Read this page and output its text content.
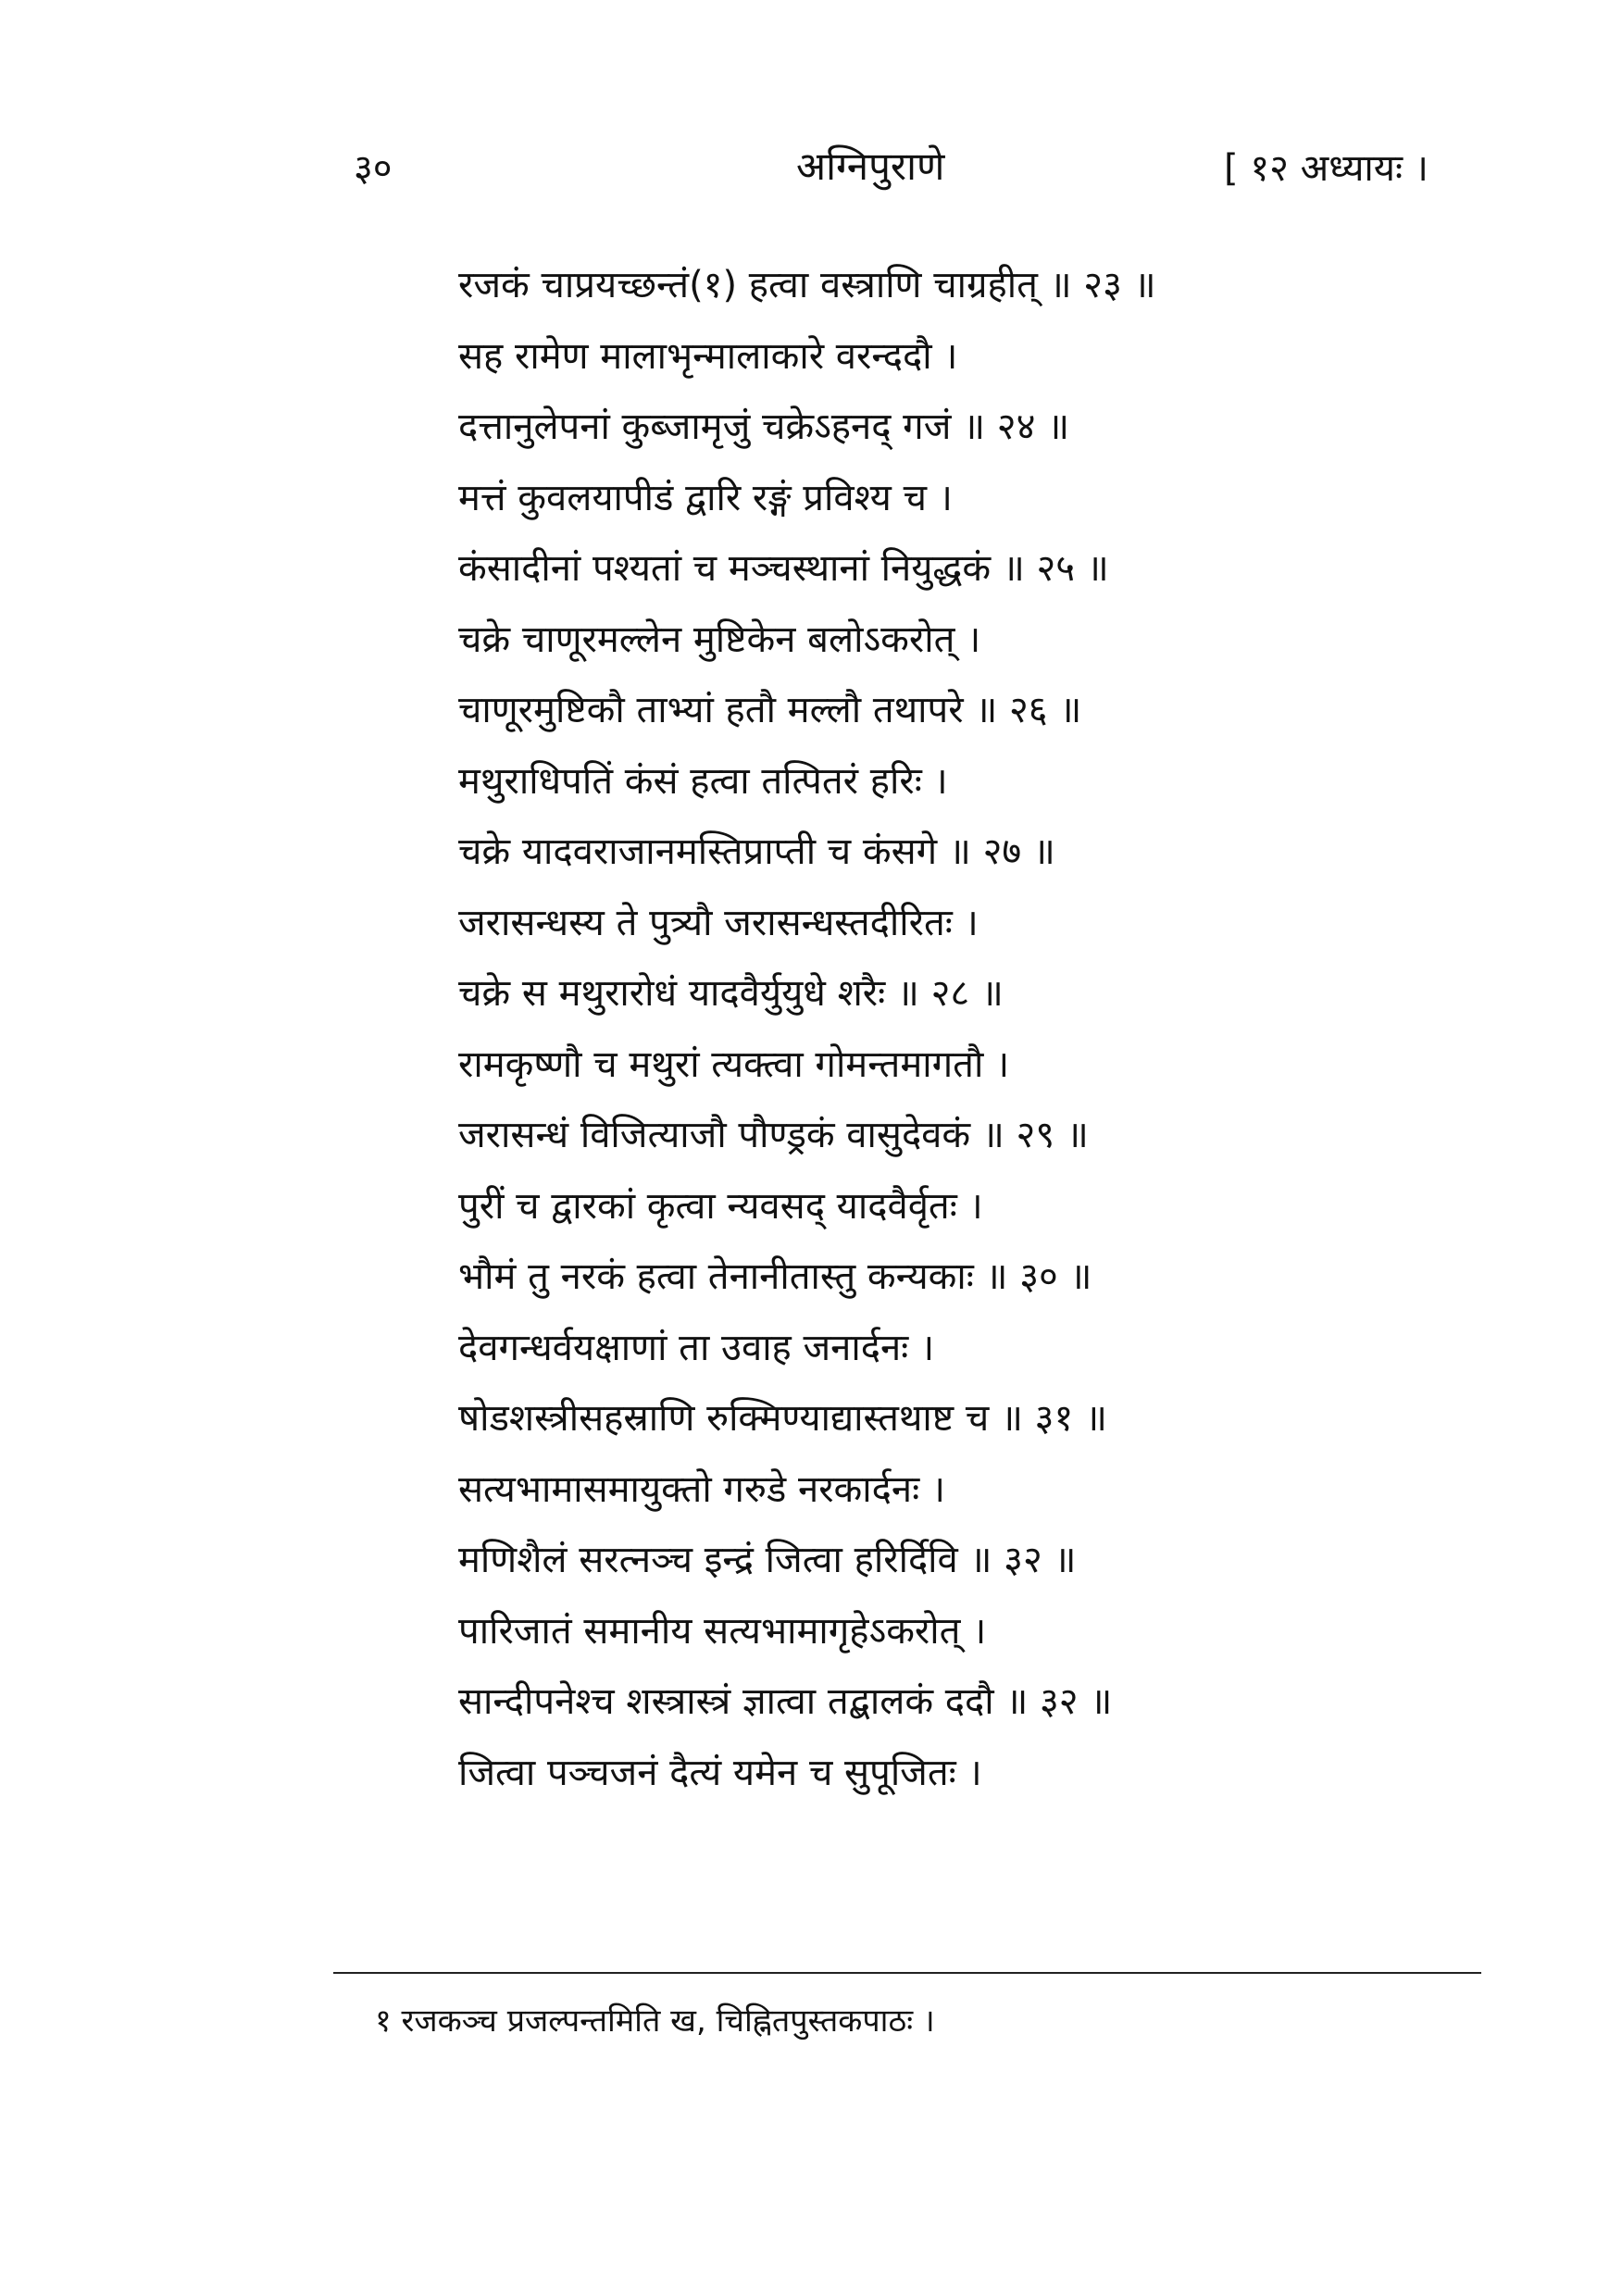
३०	अग्निपुराणे	[ १२ अध्यायः ।
रजकं चाप्रयच्छन्तं(१) हत्वा वस्त्राणि चाग्रहीत् ॥ २३ ॥
सह रामेण मालाभृन्मालाकारे वरन्ददौ ।
दत्तानुलेपनां कुब्जामृजुं चक्रेऽहनद् गजं ॥ २४ ॥
मत्तं कुवलयापीडं द्वारि रङ्गं प्रविश्य च ।
कंसादीनां पश्यतां च मञ्चस्थानां नियुद्धकं ॥ २५ ॥
चक्रे चाणूरमल्लेन मुष्टिकेन बलोऽकरोत् ।
चाणूरमुष्टिकौ ताभ्यां हतौ मल्लौ तथापरे ॥ २६ ॥
मथुराधिपतिं कंसं हत्वा तत्पितरं हरिः ।
चक्रे यादवराजानमस्तिप्राप्ती च कंसगे ॥ २७ ॥
जरासन्धस्य ते पुत्र्यौ जरासन्धस्तदीरितः ।
चक्रे स मथुरारोधं यादवैर्युयुधे शरैः ॥ २८ ॥
रामकृष्णौ च मथुरां त्यक्त्वा गोमन्तमागतौ ।
जरासन्धं विजित्याजौ पौण्ड्रकं वासुदेवकं ॥ २९ ॥
पुरीं च द्वारकां कृत्वा न्यवसद् यादवैर्वृतः ।
भौमं तु नरकं हत्वा तेनानीतास्तु कन्यकाः ॥ ३० ॥
देवगन्धर्वयक्षाणां ता उवाह जनार्दनः ।
षोडशस्त्रीसहस्राणि रुक्मिण्याद्यास्तथाष्ट च ॥ ३१ ॥
सत्यभामासमायुक्तो गरुडे नरकार्दनः ।
मणिशैलं सरत्नञ्च इन्द्रं जित्वा हरिर्दिवि ॥ ३२ ॥
पारिजातं समानीय सत्यभामागृहेऽकरोत् ।
सान्दीपनेश्च शस्त्रास्त्रं ज्ञात्वा तद्बालकं ददौ ॥ ३२ ॥
जित्वा पञ्चजनं दैत्यं यमेन च सुपूजितः ।
१ रजकञ्च प्रजल्पन्तमिति ख, चिह्नितपुस्तकपाठः ।
